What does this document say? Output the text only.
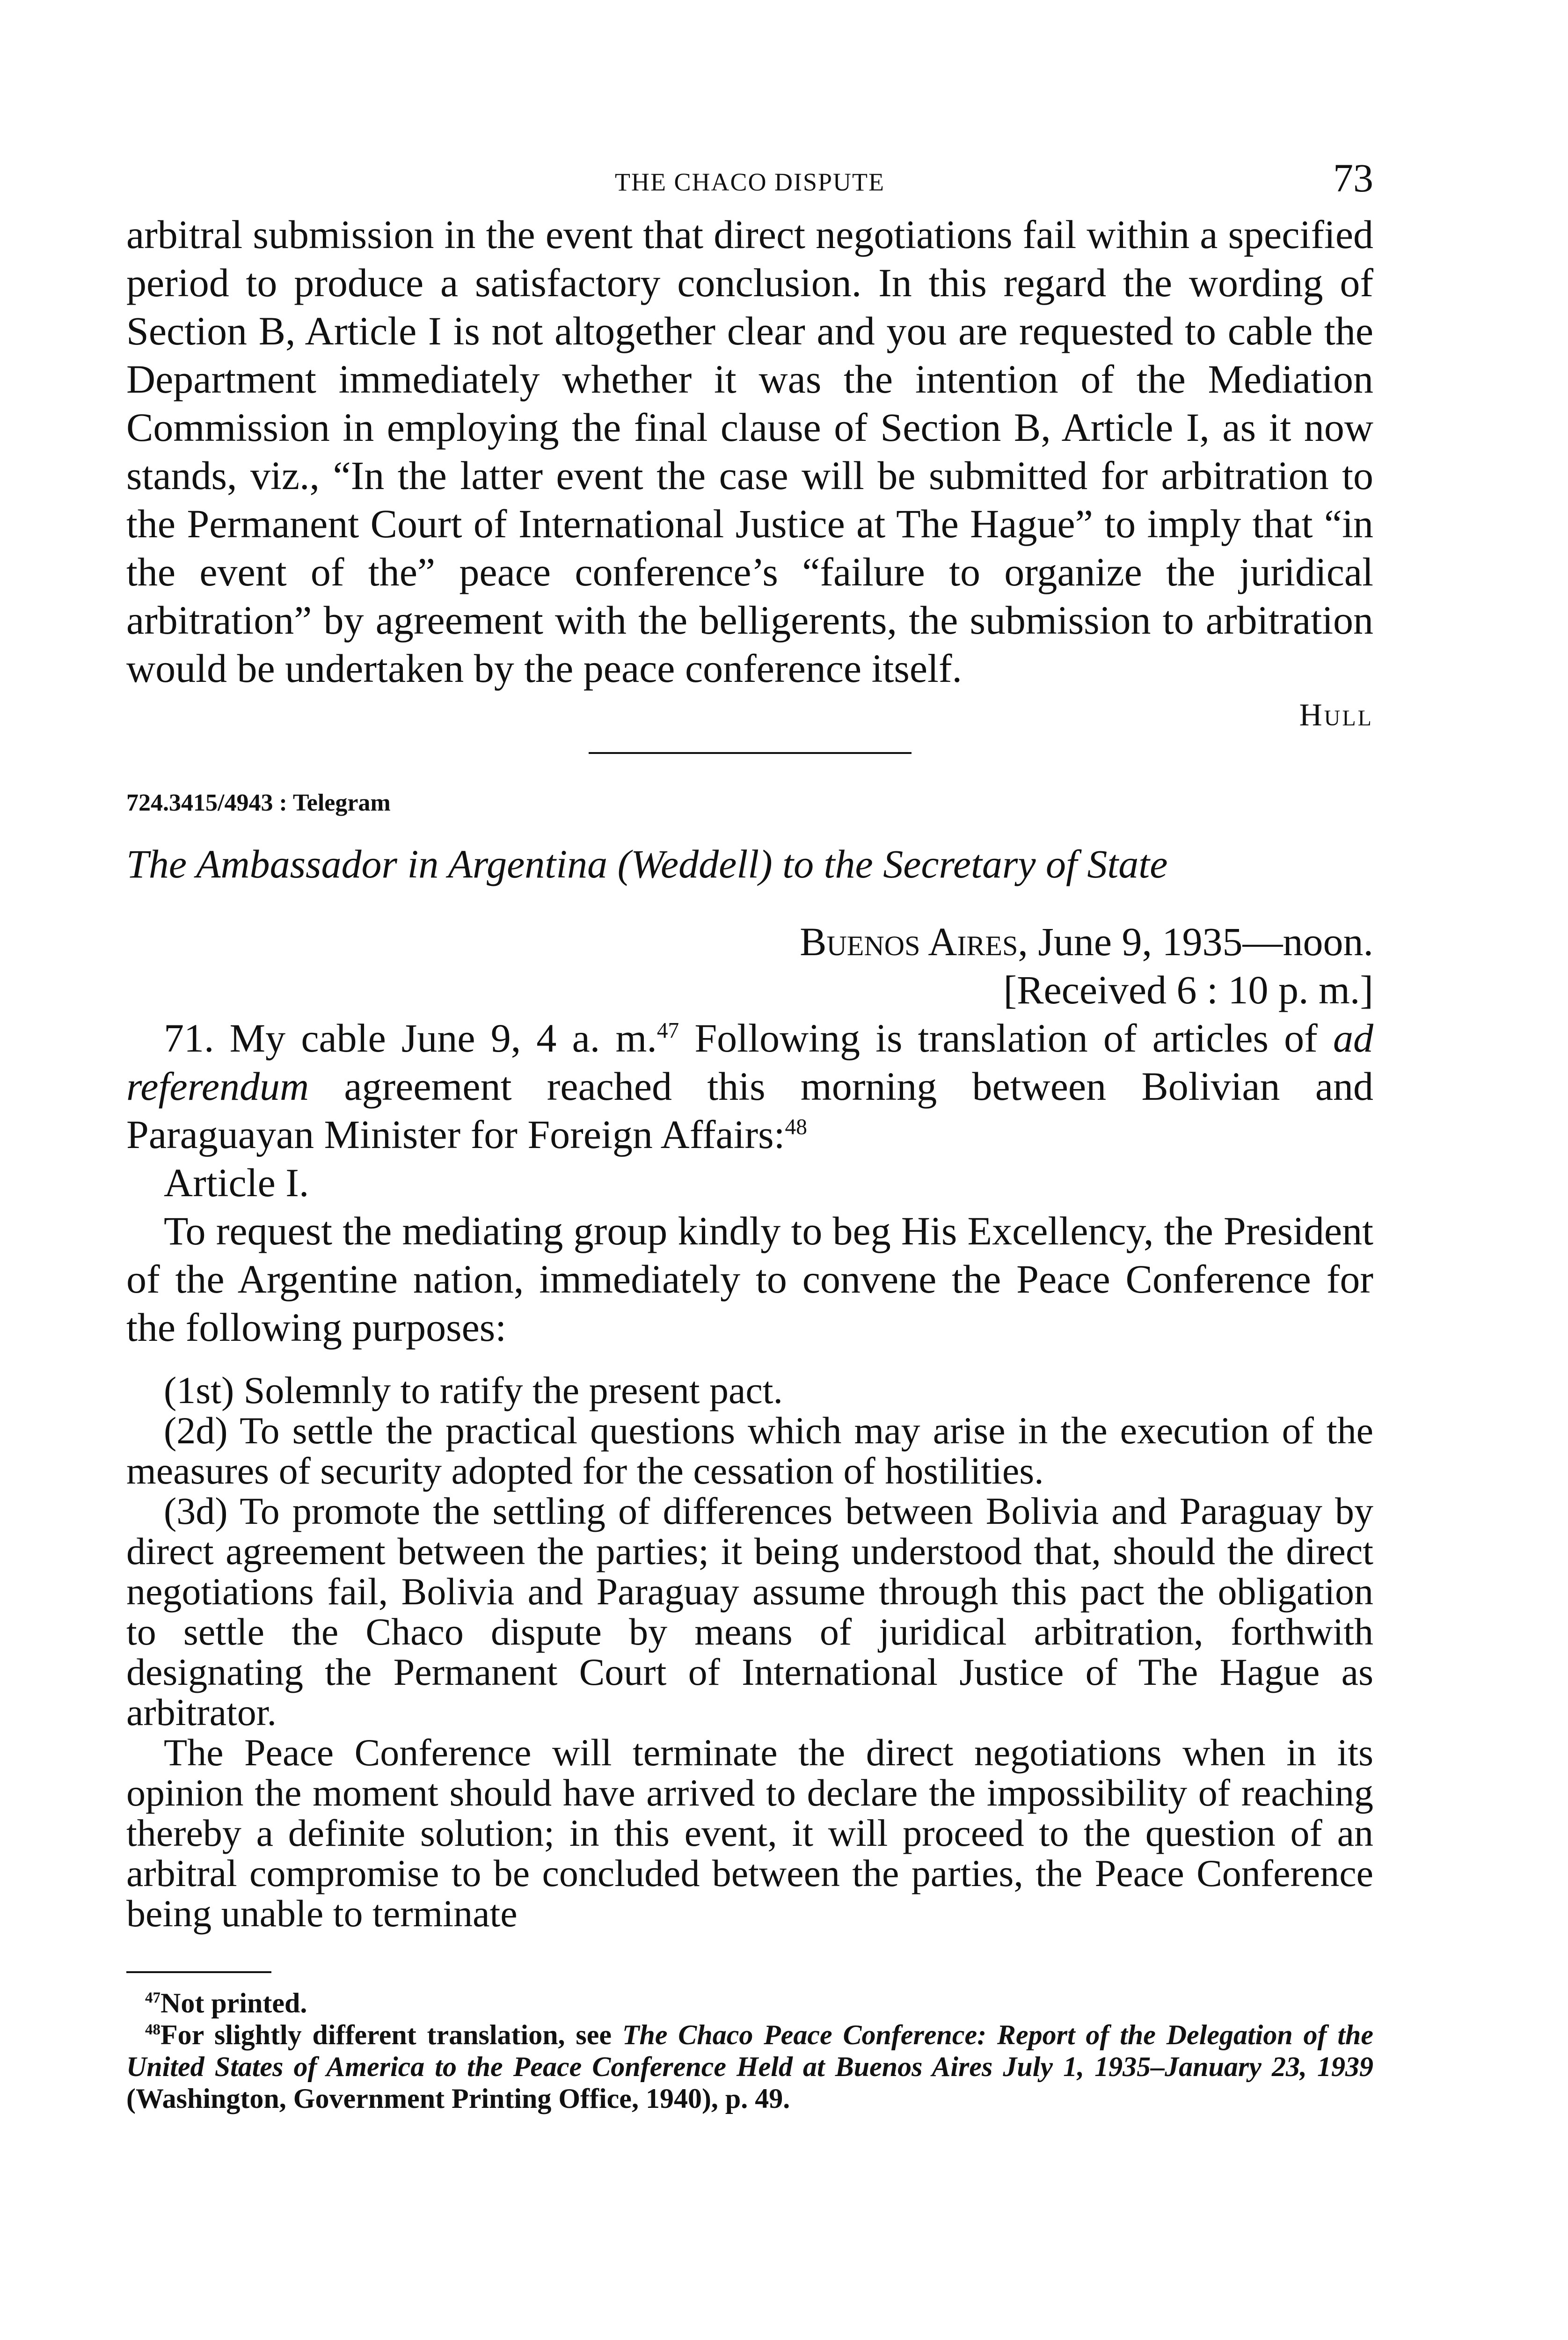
THE CHACO DISPUTE	73

arbitral submission in the event that direct negotiations fail within a specified period to produce a satisfactory conclusion. In this regard the wording of Section B, Article I is not altogether clear and you are requested to cable the Department immediately whether it was the intention of the Mediation Commission in employing the final clause of Section B, Article I, as it now stands, viz., “In the latter event the case will be submitted for arbitration to the Permanent Court of International Justice at The Hague” to imply that “in the event of the” peace conference’s “failure to organize the juridical arbitration” by agreement with the belligerents, the submission to arbitration would be undertaken by the peace conference itself.

Hull
724.3415/4943 : Telegram
The Ambassador in Argentina (Weddell) to the Secretary of State
Buenos Aires, June 9, 1935—noon.
[Received 6 : 10 p. m.]

71. My cable June 9, 4 a. m.$^{47}$ Following is translation of articles of ad referendum agreement reached this morning between Bolivian and Paraguayan Minister for Foreign Affairs:$^{48}$

Article I.

To request the mediating group kindly to beg His Excellency, the President of the Argentine nation, immediately to convene the Peace Conference for the following purposes:

(1st) Solemnly to ratify the present pact.

(2d) To settle the practical questions which may arise in the execution of the measures of security adopted for the cessation of hostilities.

(3d) To promote the settling of differences between Bolivia and Paraguay by direct agreement between the parties; it being understood that, should the direct negotiations fail, Bolivia and Paraguay assume through this pact the obligation to settle the Chaco dispute by means of juridical arbitration, forthwith designating the Permanent Court of International Justice of The Hague as arbitrator.

The Peace Conference will terminate the direct negotiations when in its opinion the moment should have arrived to declare the impossibility of reaching thereby a definite solution; in this event, it will proceed to the question of an arbitral compromise to be concluded between the parties, the Peace Conference being unable to terminate

$^{47}$Not printed.

$^{48}$For slightly different translation, see The Chaco Peace Conference: Report of the Delegation of the United States of America to the Peace Conference Held at Buenos Aires July 1, 1935–January 23, 1939 (Washington, Government Printing Office, 1940), p. 49.
